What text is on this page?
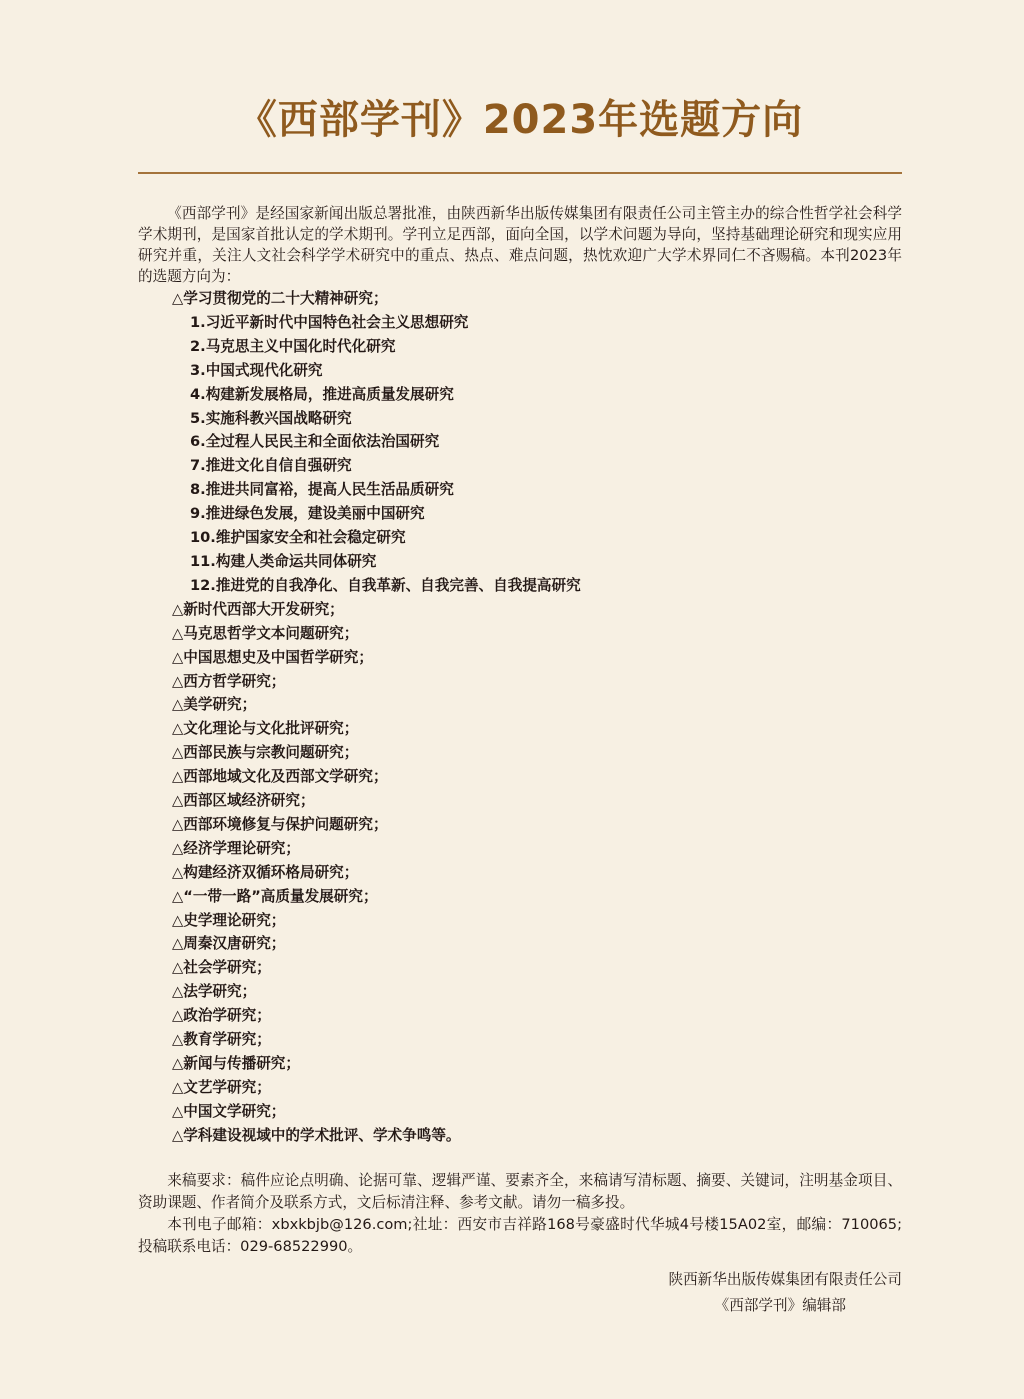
《西部学刊》2023年选题方向

《西部学刊》是经国家新闻出版总署批准，由陕西新华出版传媒集团有限责任公司主管主办的综合性哲学社会科学学术期刊，是国家首批认定的学术期刊。学刊立足西部，面向全国，以学术问题为导向，坚持基础理论研究和现实应用研究并重，关注人文社会科学学术研究中的重点、热点、难点问题，热忱欢迎广大学术界同仁不吝赐稿。本刊2023年的选题方向为：

△学习贯彻党的二十大精神研究；
1.习近平新时代中国特色社会主义思想研究
2.马克思主义中国化时代化研究
3.中国式现代化研究
4.构建新发展格局，推进高质量发展研究
5.实施科教兴国战略研究
6.全过程人民民主和全面依法治国研究
7.推进文化自信自强研究
8.推进共同富裕，提高人民生活品质研究
9.推进绿色发展，建设美丽中国研究
10.维护国家安全和社会稳定研究
11.构建人类命运共同体研究
12.推进党的自我净化、自我革新、自我完善、自我提高研究
△新时代西部大开发研究；
△马克思哲学文本问题研究；
△中国思想史及中国哲学研究；
△西方哲学研究；
△美学研究；
△文化理论与文化批评研究；
△西部民族与宗教问题研究；
△西部地域文化及西部文学研究；
△西部区域经济研究；
△西部环境修复与保护问题研究；
△经济学理论研究；
△构建经济双循环格局研究；
△“一带一路”高质量发展研究；
△史学理论研究；
△周秦汉唐研究；
△社会学研究；
△法学研究；
△政治学研究；
△教育学研究；
△新闻与传播研究；
△文艺学研究；
△中国文学研究；
△学科建设视域中的学术批评、学术争鸣等。

来稿要求：稿件应论点明确、论据可靠、逻辑严谨、要素齐全，来稿请写清标题、摘要、关键词，注明基金项目、资助课题、作者简介及联系方式，文后标清注释、参考文献。请勿一稿多投。

本刊电子邮箱：xbxkbjb@126.com;社址：西安市吉祥路168号豪盛时代华城4号楼15A02室，邮编：710065;投稿联系电话：029-68522990。

陕西新华出版传媒集团有限责任公司
《西部学刊》编辑部
